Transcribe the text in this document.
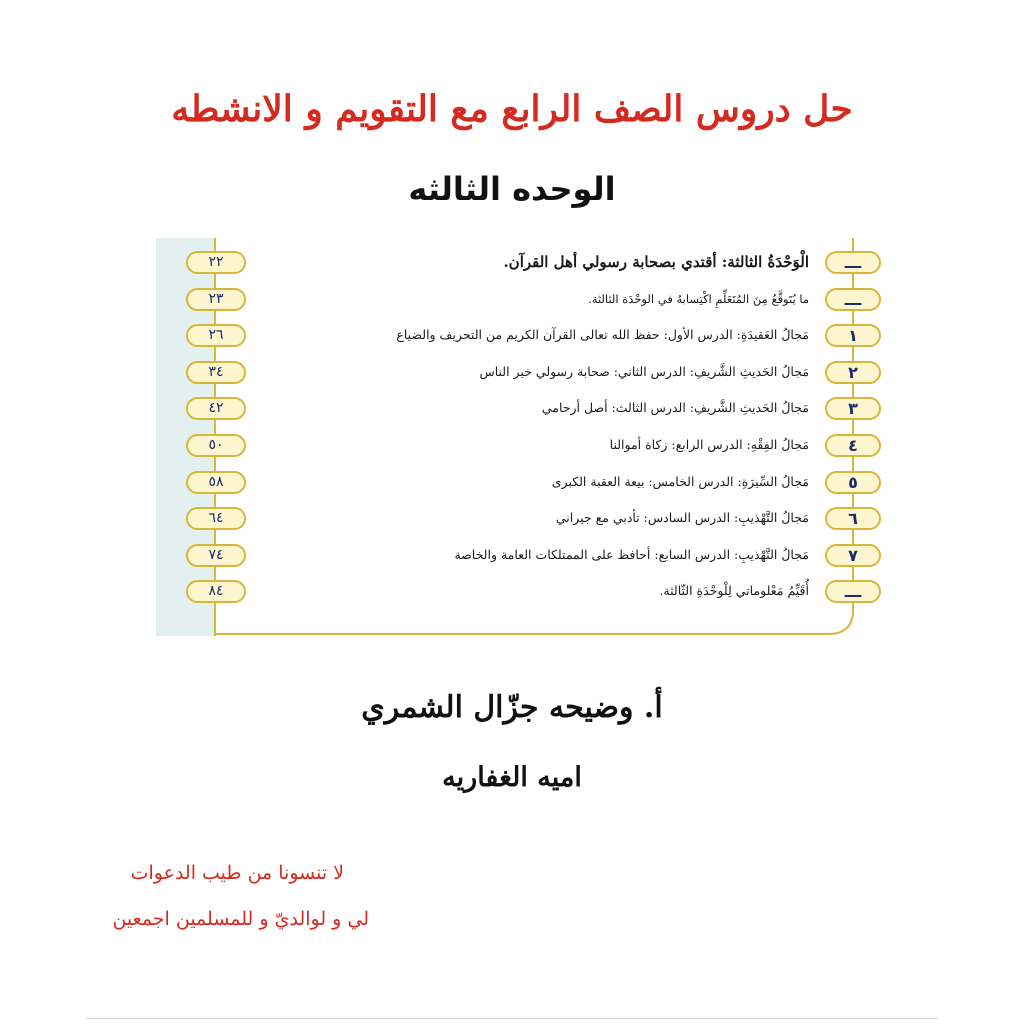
حل دروس الصف الرابع مع التقويم و الانشطه
الوحده الثالثه
ـــ
الْوَحْدَةُ الثالثة: أقتدي بصحابة رسولي أهل القرآن.
٢٢
ـــ
ما يُتَوقَّعُ مِنَ المُتَعَلِّمِ اكْتِسابهُ في الوحْدَة الثالثة.
٢٣
١
مَجالُ العَقيدَةِ: الدرس الأول: حفظ الله تعالى القرآن الكريم من التحريف والضياع
٢٦
٢
مَجالُ الحَديثِ الشَّريفِ: الدرس الثاني: صحابة رسولي خير الناس
٣٤
٣
مَجالُ الحَديثِ الشَّريفِ: الدرس الثالث: أصل أرحامي
٤٢
٤
مَجالُ الفِقْهِ: الدرس الرابع: زكاة أموالنا
٥٠
٥
مَجالُ السِّيرَةِ: الدرس الخامس: بيعة العقبة الكبرى
٥٨
٦
مَجالُ التَّهْذيبِ: الدرس السادس: تأدبي مع جيراني
٦٤
٧
مَجالُ التَّهْذيبِ: الدرس السابع: أحافظ على الممتلكات العامة والخاصة
٧٤
ـــ
أُقَيِّمُ مَعْلوماتي لِلْوحْدَةِ الثّالثة.
٨٤
أ. وضيحه جزّال الشمري
اميه الغفاريه

لا تنسونا من طيب الدعوات

لي و لوالديّ و للمسلمين اجمعين
